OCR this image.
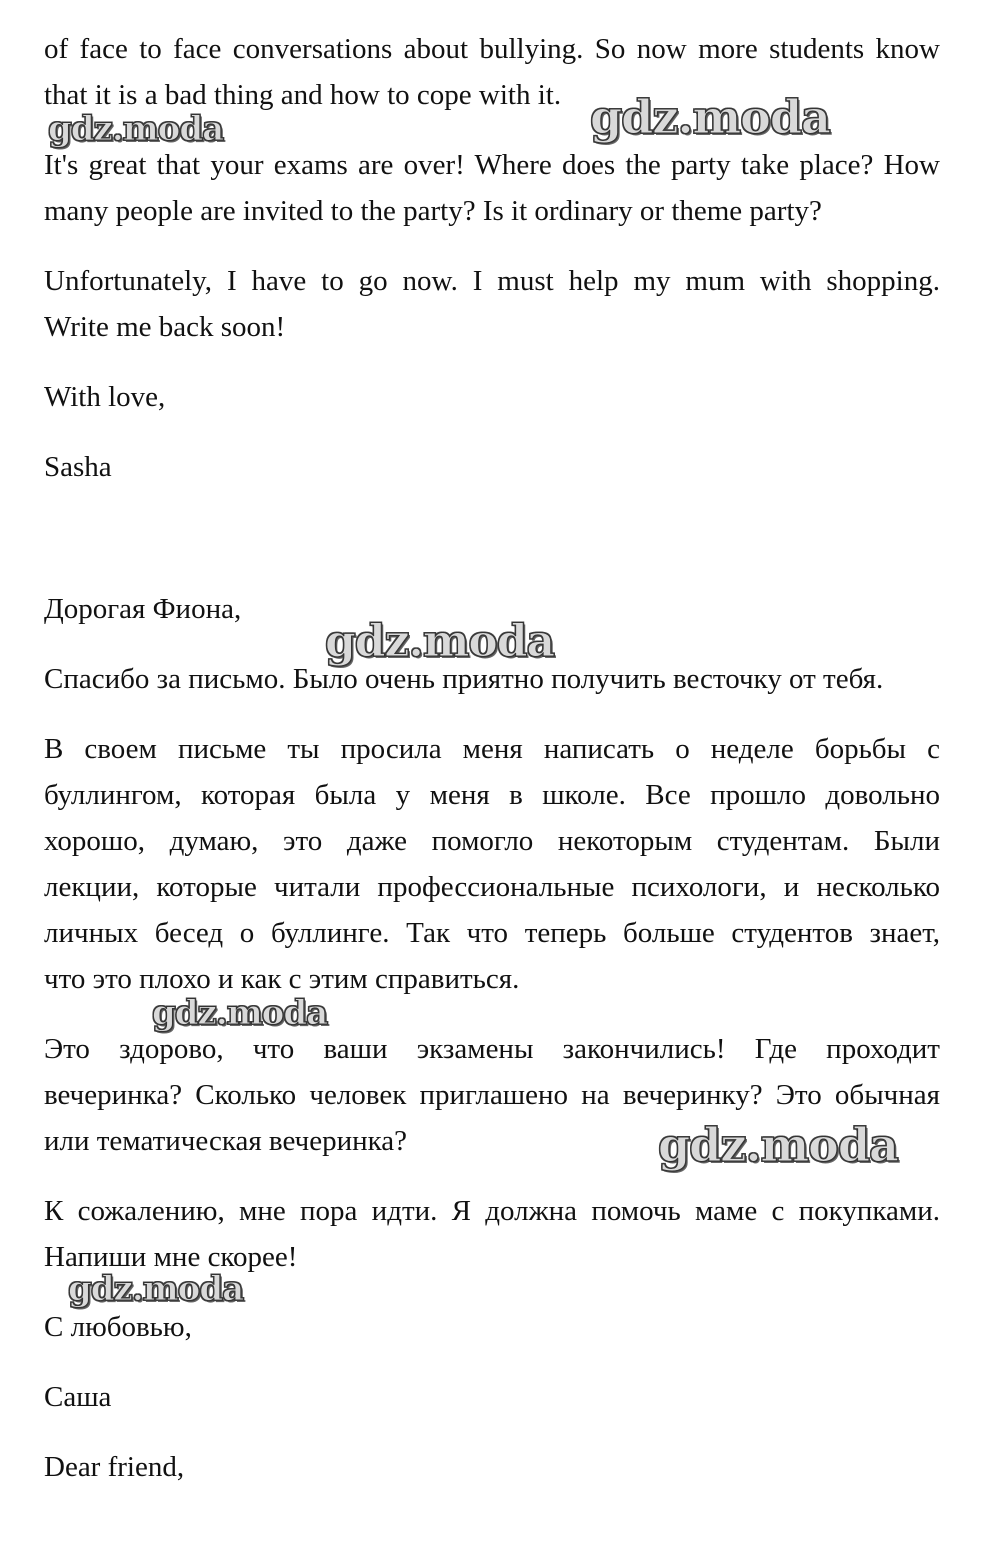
of face to face conversations about bullying. So now more students know
that it is a bad thing and how to cope with it.
It's great that your exams are over! Where does the party take place? How
many people are invited to the party? Is it ordinary or theme party?
Unfortunately, I have to go now. I must help my mum with shopping.
Write me back soon!
With love,
Sasha
Дорогая Фиона,
Спасибо за письмо. Было очень приятно получить весточку от тебя.
В своем письме ты просила меня написать о неделе борьбы с
буллингом, которая была у меня в школе. Все прошло довольно
хорошо, думаю, это даже помогло некоторым студентам. Были
лекции, которые читали профессиональные психологи, и несколько
личных бесед о буллинге. Так что теперь больше студентов знает,
что это плохо и как с этим справиться.
Это здорово, что ваши экзамены закончились! Где проходит
вечеринка? Сколько человек приглашено на вечеринку? Это обычная
или тематическая вечеринка?
К сожалению, мне пора идти. Я должна помочь маме с покупками.
Напиши мне скорее!
С любовью,
Саша
Dear friend,
gdz.moda	gdz.moda
gdz.moda
gdz.moda
gdz.moda
gdz.moda
